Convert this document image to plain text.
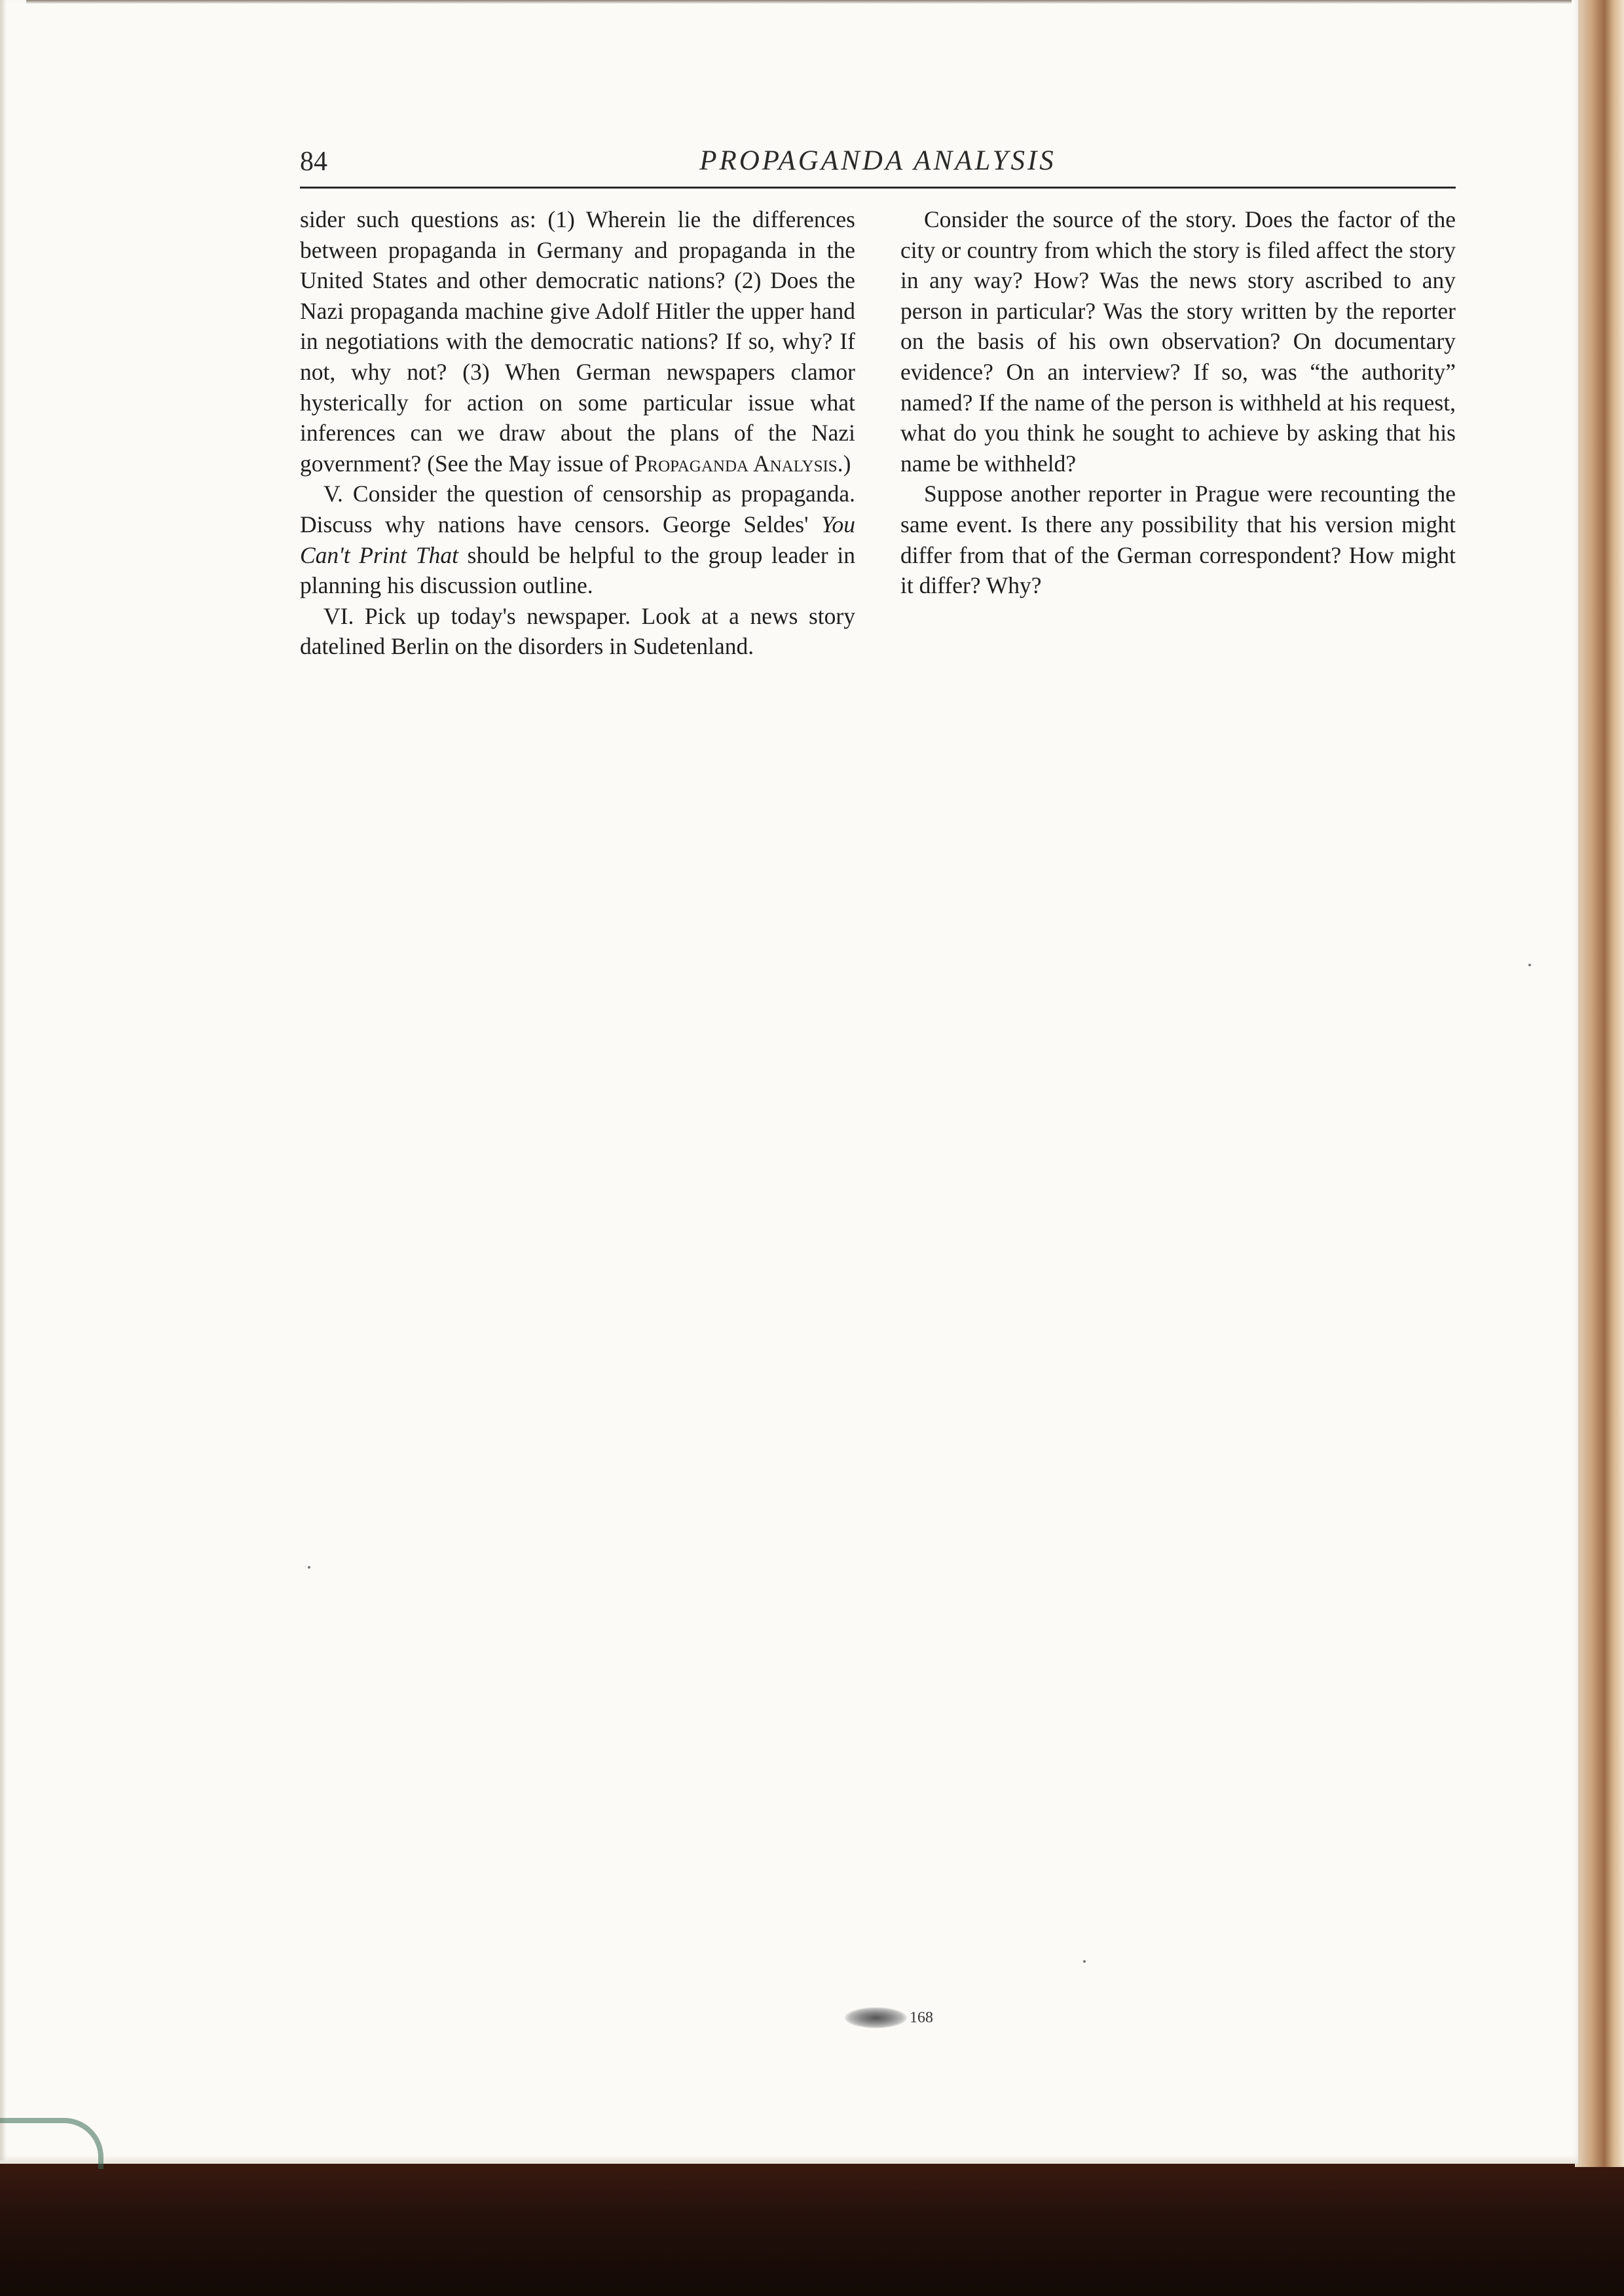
84	PROPAGANDA ANALYSIS

sider such questions as: (1) Wherein lie the differences between propaganda in Germany and propaganda in the United States and other democratic nations? (2) Does the Nazi propaganda machine give Adolf Hitler the upper hand in negotiations with the democratic nations? If so, why? If not, why not? (3) When German newspapers clamor hysterically for action on some particular issue what inferences can we draw about the plans of the Nazi government? (See the May issue of Propaganda Analysis.)

V. Consider the question of censorship as propaganda. Discuss why nations have censors. George Seldes' You Can't Print That should be helpful to the group leader in planning his discussion outline.

VI. Pick up today's newspaper. Look at a news story datelined Berlin on the disorders in Sudetenland.

Consider the source of the story. Does the factor of the city or country from which the story is filed affect the story in any way? How? Was the news story ascribed to any person in particular? Was the story written by the reporter on the basis of his own observation? On documentary evidence? On an interview? If so, was “the authority” named? If the name of the person is withheld at his request, what do you think he sought to achieve by asking that his name be withheld?

Suppose another reporter in Prague were recounting the same event. Is there any possibility that his version might differ from that of the German correspondent? How might it differ? Why?

168
